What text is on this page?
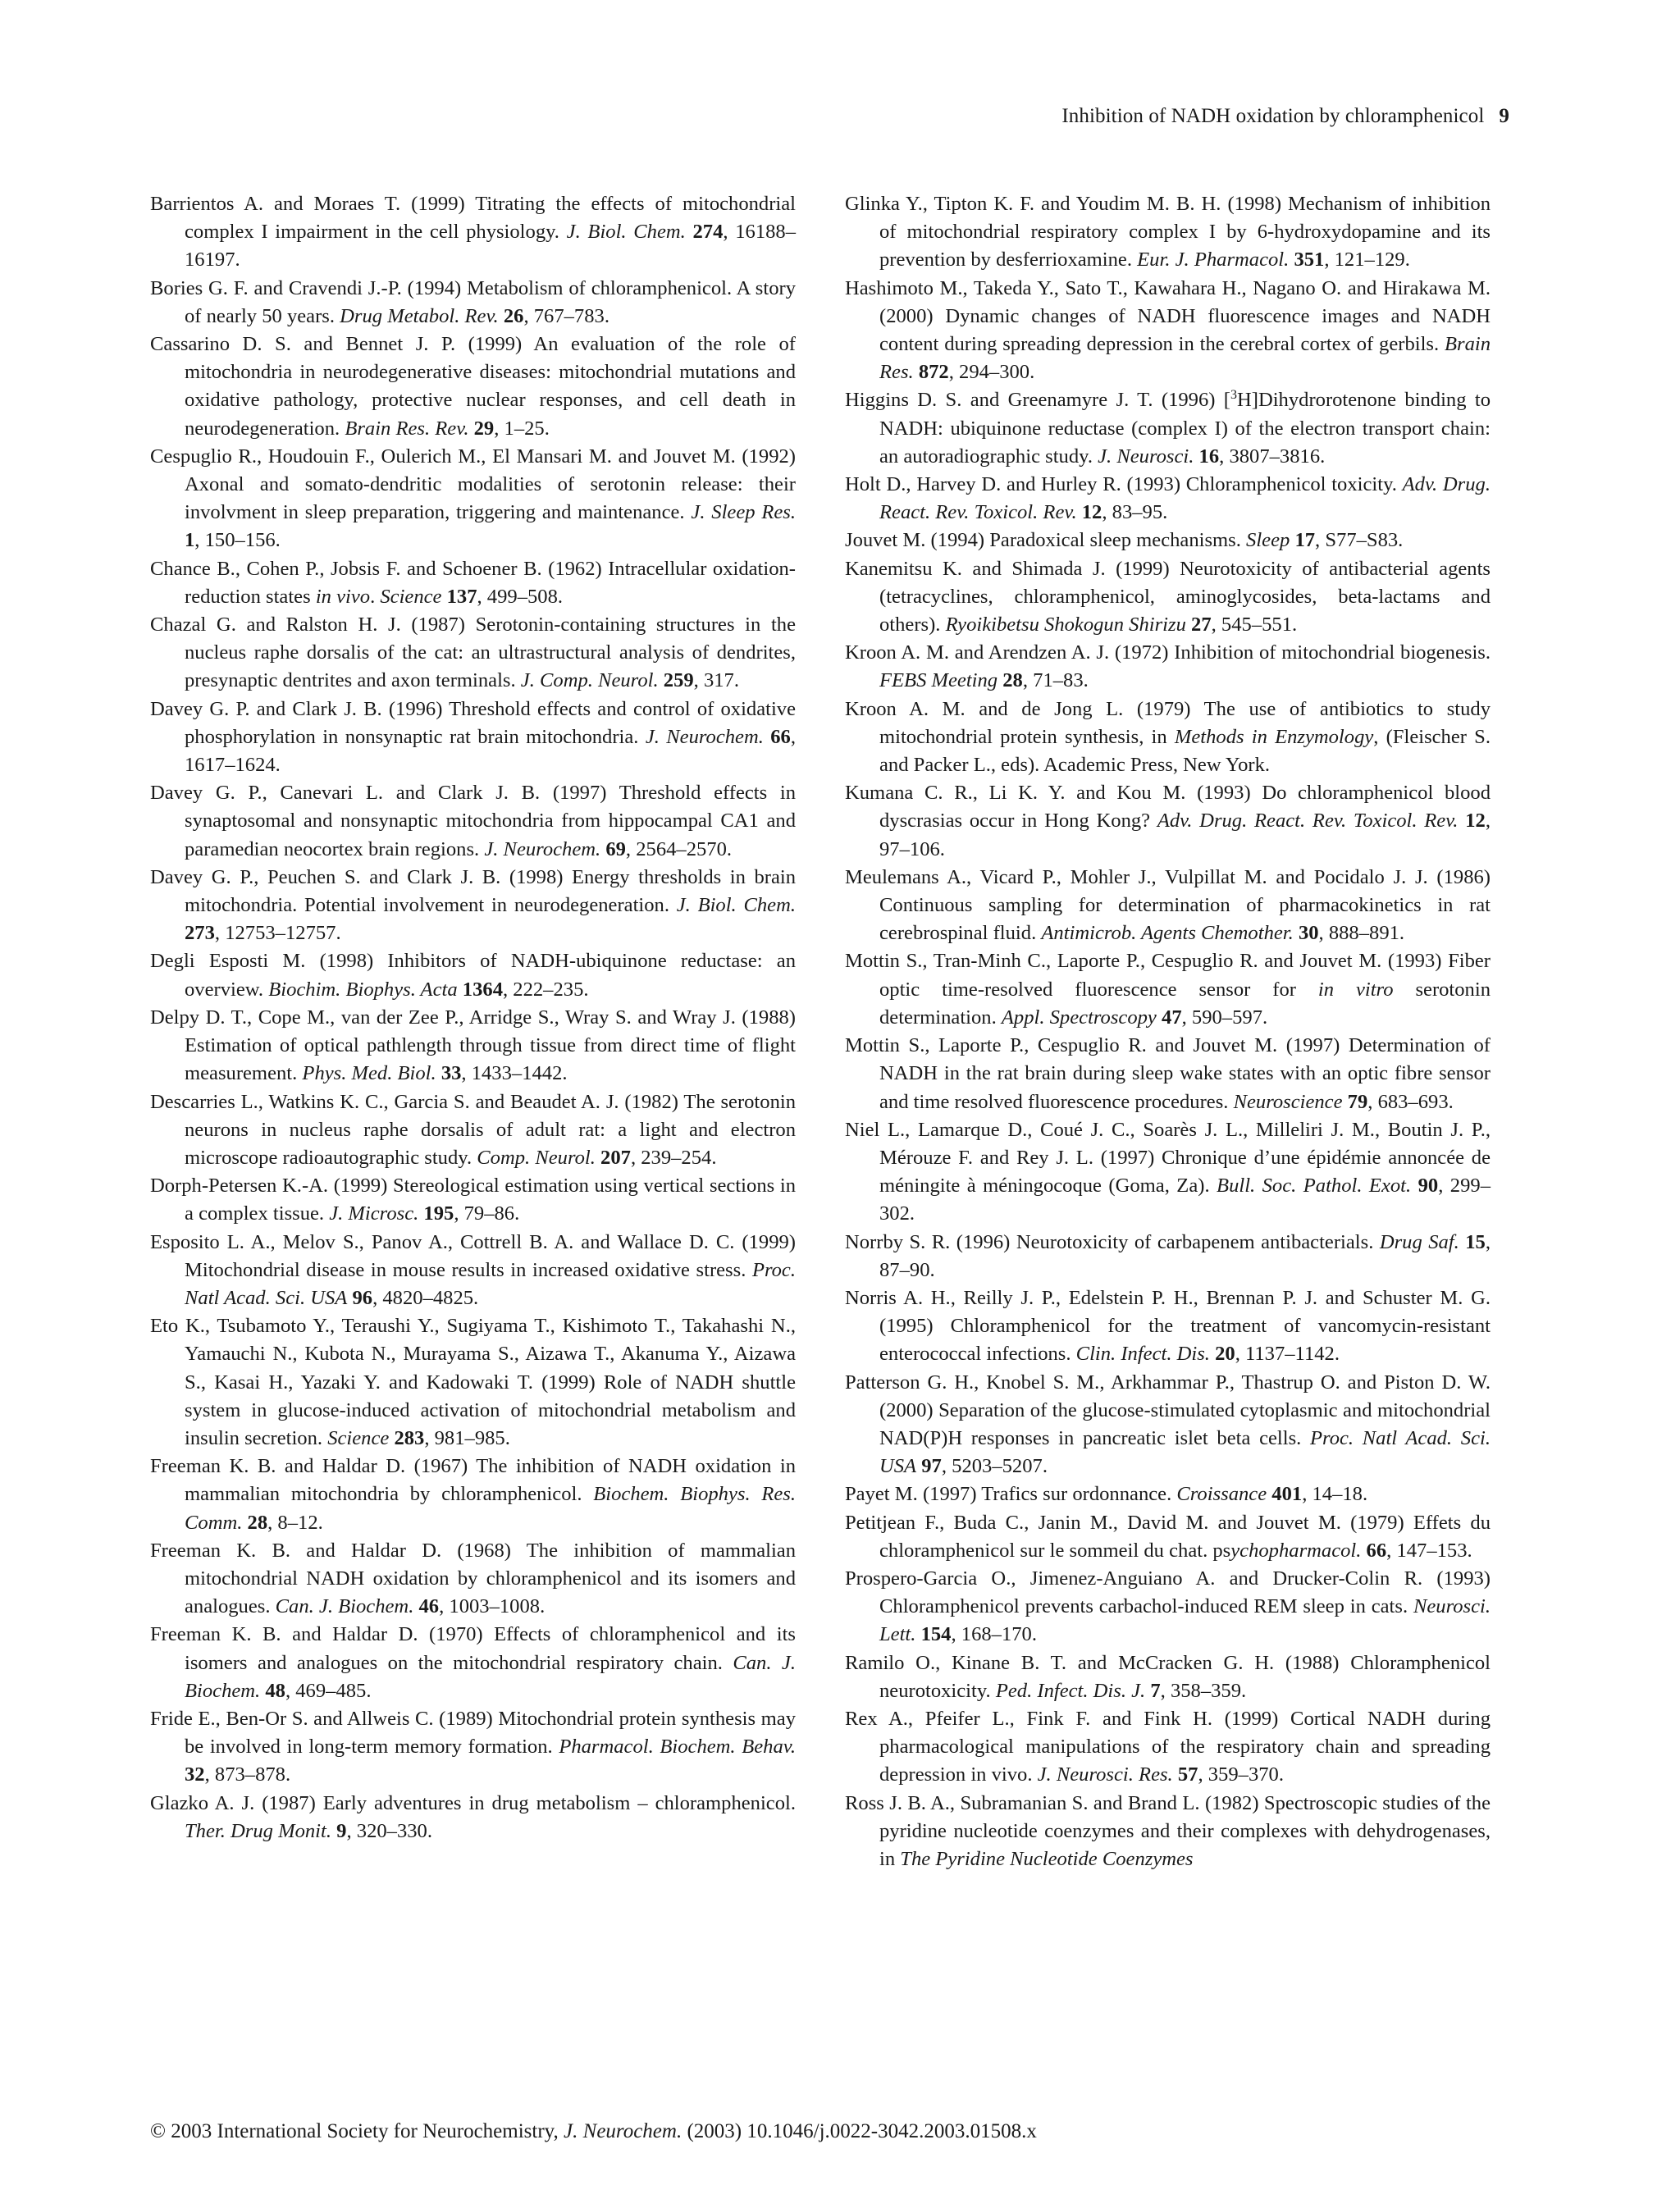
Inhibition of NADH oxidation by chloramphenicol 9
Barrientos A. and Moraes T. (1999) Titrating the effects of mitochondrial complex I impairment in the cell physiology. J. Biol. Chem. 274, 16188–16197.
Bories G. F. and Cravendi J.-P. (1994) Metabolism of chloramphenicol. A story of nearly 50 years. Drug Metabol. Rev. 26, 767–783.
Cassarino D. S. and Bennet J. P. (1999) An evaluation of the role of mitochondria in neurodegenerative diseases: mitochondrial mutations and oxidative pathology, protective nuclear responses, and cell death in neurodegeneration. Brain Res. Rev. 29, 1–25.
Cespuglio R., Houdouin F., Oulerich M., El Mansari M. and Jouvet M. (1992) Axonal and somato-dendritic modalities of serotonin release: their involvment in sleep preparation, triggering and maintenance. J. Sleep Res. 1, 150–156.
Chance B., Cohen P., Jobsis F. and Schoener B. (1962) Intracellular oxidation-reduction states in vivo. Science 137, 499–508.
Chazal G. and Ralston H. J. (1987) Serotonin-containing structures in the nucleus raphe dorsalis of the cat: an ultrastructural analysis of dendrites, presynaptic dentrites and axon terminals. J. Comp. Neurol. 259, 317.
Davey G. P. and Clark J. B. (1996) Threshold effects and control of oxidative phosphorylation in nonsynaptic rat brain mitochondria. J. Neurochem. 66, 1617–1624.
Davey G. P., Canevari L. and Clark J. B. (1997) Threshold effects in synaptosomal and nonsynaptic mitochondria from hippocampal CA1 and paramedian neocortex brain regions. J. Neurochem. 69, 2564–2570.
Davey G. P., Peuchen S. and Clark J. B. (1998) Energy thresholds in brain mitochondria. Potential involvement in neurodegeneration. J. Biol. Chem. 273, 12753–12757.
Degli Esposti M. (1998) Inhibitors of NADH-ubiquinone reductase: an overview. Biochim. Biophys. Acta 1364, 222–235.
Delpy D. T., Cope M., van der Zee P., Arridge S., Wray S. and Wray J. (1988) Estimation of optical pathlength through tissue from direct time of flight measurement. Phys. Med. Biol. 33, 1433–1442.
Descarries L., Watkins K. C., Garcia S. and Beaudet A. J. (1982) The serotonin neurons in nucleus raphe dorsalis of adult rat: a light and electron microscope radioautographic study. Comp. Neurol. 207, 239–254.
Dorph-Petersen K.-A. (1999) Stereological estimation using vertical sections in a complex tissue. J. Microsc. 195, 79–86.
Esposito L. A., Melov S., Panov A., Cottrell B. A. and Wallace D. C. (1999) Mitochondrial disease in mouse results in increased oxidative stress. Proc. Natl Acad. Sci. USA 96, 4820–4825.
Eto K., Tsubamoto Y., Teraushi Y., Sugiyama T., Kishimoto T., Takahashi N., Yamauchi N., Kubota N., Murayama S., Aizawa T., Akanuma Y., Aizawa S., Kasai H., Yazaki Y. and Kadowaki T. (1999) Role of NADH shuttle system in glucose-induced activation of mitochondrial metabolism and insulin secretion. Science 283, 981–985.
Freeman K. B. and Haldar D. (1967) The inhibition of NADH oxidation in mammalian mitochondria by chloramphenicol. Biochem. Biophys. Res. Comm. 28, 8–12.
Freeman K. B. and Haldar D. (1968) The inhibition of mammalian mitochondrial NADH oxidation by chloramphenicol and its isomers and analogues. Can. J. Biochem. 46, 1003–1008.
Freeman K. B. and Haldar D. (1970) Effects of chloramphenicol and its isomers and analogues on the mitochondrial respiratory chain. Can. J. Biochem. 48, 469–485.
Fride E., Ben-Or S. and Allweis C. (1989) Mitochondrial protein synthesis may be involved in long-term memory formation. Pharmacol. Biochem. Behav. 32, 873–878.
Glazko A. J. (1987) Early adventures in drug metabolism – chloramphenicol. Ther. Drug Monit. 9, 320–330.
Glinka Y., Tipton K. F. and Youdim M. B. H. (1998) Mechanism of inhibition of mitochondrial respiratory complex I by 6-hydroxydopamine and its prevention by desferrioxamine. Eur. J. Pharmacol. 351, 121–129.
Hashimoto M., Takeda Y., Sato T., Kawahara H., Nagano O. and Hirakawa M. (2000) Dynamic changes of NADH fluorescence images and NADH content during spreading depression in the cerebral cortex of gerbils. Brain Res. 872, 294–300.
Higgins D. S. and Greenamyre J. T. (1996) [$^3$H]Dihydrorotenone binding to NADH: ubiquinone reductase (complex I) of the electron transport chain: an autoradiographic study. J. Neurosci. 16, 3807–3816.
Holt D., Harvey D. and Hurley R. (1993) Chloramphenicol toxicity. Adv. Drug. React. Rev. Toxicol. Rev. 12, 83–95.
Jouvet M. (1994) Paradoxical sleep mechanisms. Sleep 17, S77–S83.
Kanemitsu K. and Shimada J. (1999) Neurotoxicity of antibacterial agents (tetracyclines, chloramphenicol, aminoglycosides, beta-lactams and others). Ryoikibetsu Shokogun Shirizu 27, 545–551.
Kroon A. M. and Arendzen A. J. (1972) Inhibition of mitochondrial biogenesis. FEBS Meeting 28, 71–83.
Kroon A. M. and de Jong L. (1979) The use of antibiotics to study mitochondrial protein synthesis, in Methods in Enzymology, (Fleischer S. and Packer L., eds). Academic Press, New York.
Kumana C. R., Li K. Y. and Kou M. (1993) Do chloramphenicol blood dyscrasias occur in Hong Kong? Adv. Drug. React. Rev. Toxicol. Rev. 12, 97–106.
Meulemans A., Vicard P., Mohler J., Vulpillat M. and Pocidalo J. J. (1986) Continuous sampling for determination of pharmacokinetics in rat cerebrospinal fluid. Antimicrob. Agents Chemother. 30, 888–891.
Mottin S., Tran-Minh C., Laporte P., Cespuglio R. and Jouvet M. (1993) Fiber optic time-resolved fluorescence sensor for in vitro serotonin determination. Appl. Spectroscopy 47, 590–597.
Mottin S., Laporte P., Cespuglio R. and Jouvet M. (1997) Determination of NADH in the rat brain during sleep wake states with an optic fibre sensor and time resolved fluorescence procedures. Neuroscience 79, 683–693.
Niel L., Lamarque D., Coué J. C., Soarès J. L., Milleliri J. M., Boutin J. P., Mérouze F. and Rey J. L. (1997) Chronique d’une épidémie annoncée de méningite à méningocoque (Goma, Za). Bull. Soc. Pathol. Exot. 90, 299–302.
Norrby S. R. (1996) Neurotoxicity of carbapenem antibacterials. Drug Saf. 15, 87–90.
Norris A. H., Reilly J. P., Edelstein P. H., Brennan P. J. and Schuster M. G. (1995) Chloramphenicol for the treatment of vancomycin-resistant enterococcal infections. Clin. Infect. Dis. 20, 1137–1142.
Patterson G. H., Knobel S. M., Arkhammar P., Thastrup O. and Piston D. W. (2000) Separation of the glucose-stimulated cytoplasmic and mitochondrial NAD(P)H responses in pancreatic islet beta cells. Proc. Natl Acad. Sci. USA 97, 5203–5207.
Payet M. (1997) Trafics sur ordonnance. Croissance 401, 14–18.
Petitjean F., Buda C., Janin M., David M. and Jouvet M. (1979) Effets du chloramphenicol sur le sommeil du chat. psychopharmacol. 66, 147–153.
Prospero-Garcia O., Jimenez-Anguiano A. and Drucker-Colin R. (1993) Chloramphenicol prevents carbachol-induced REM sleep in cats. Neurosci. Lett. 154, 168–170.
Ramilo O., Kinane B. T. and McCracken G. H. (1988) Chloramphenicol neurotoxicity. Ped. Infect. Dis. J. 7, 358–359.
Rex A., Pfeifer L., Fink F. and Fink H. (1999) Cortical NADH during pharmacological manipulations of the respiratory chain and spreading depression in vivo. J. Neurosci. Res. 57, 359–370.
Ross J. B. A., Subramanian S. and Brand L. (1982) Spectroscopic studies of the pyridine nucleotide coenzymes and their complexes with dehydrogenases, in The Pyridine Nucleotide Coenzymes
© 2003 International Society for Neurochemistry, J. Neurochem. (2003) 10.1046/j.0022-3042.2003.01508.x
